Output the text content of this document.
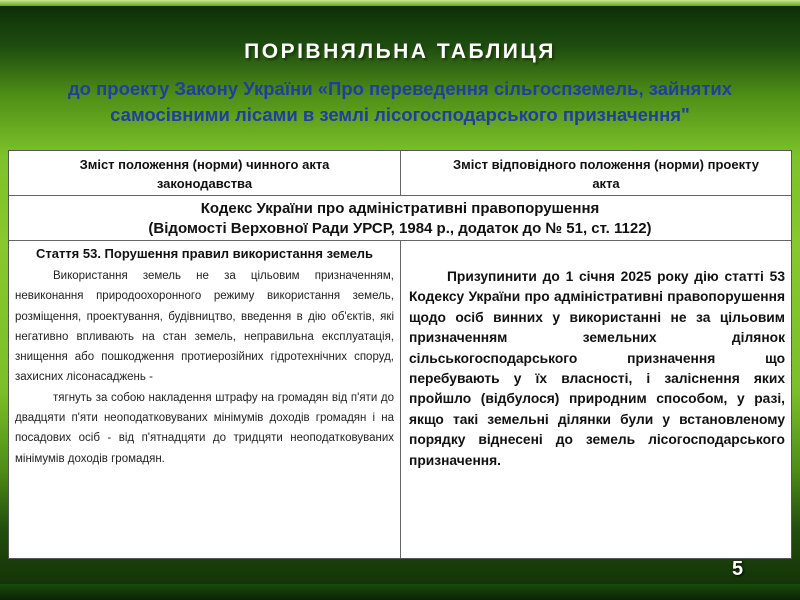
ПОРІВНЯЛЬНА ТАБЛИЦЯ
до проекту Закону України «Про переведення сільгоспземель, зайнятих
самосівними лісами в землі лісогосподарського призначення"
Зміст положення (норми) чинного акта законодавства
Зміст відповідного положення (норми) проекту акта
Кодекс України про адміністративні правопорушення
(Відомості Верховної Ради УРСР, 1984 р., додаток до № 51, ст. 1122)
Стаття 53. Порушення правил використання земель

Використання земель не за цільовим призначенням, невиконання природоохоронного режиму використання земель, розміщення, проектування, будівництво, введення в дію об'єктів, які негативно впливають на стан земель, неправильна експлуатація, знищення або пошкодження протиерозійних гідротехнічних споруд, захисних лісонасаджень -

тягнуть за собою накладення штрафу на громадян від п'яти до двадцяти п'яти неоподатковуваних мінімумів доходів громадян і на посадових осіб - від п'ятнадцяти до тридцяти неоподатковуваних мінімумів доходів громадян.

Призупинити до 1 січня 2025 року дію статті 53 Кодексу України про адміністративні правопорушення щодо осіб винних у використанні не за цільовим призначенням земельних ділянок сільськогосподарського призначення що перебувають у їх власності, і заліснення яких пройшло (відбулося) природним способом, у разі, якщо такі земельні ділянки були у встановленому порядку віднесені до земель лісогосподарського призначення.

5
